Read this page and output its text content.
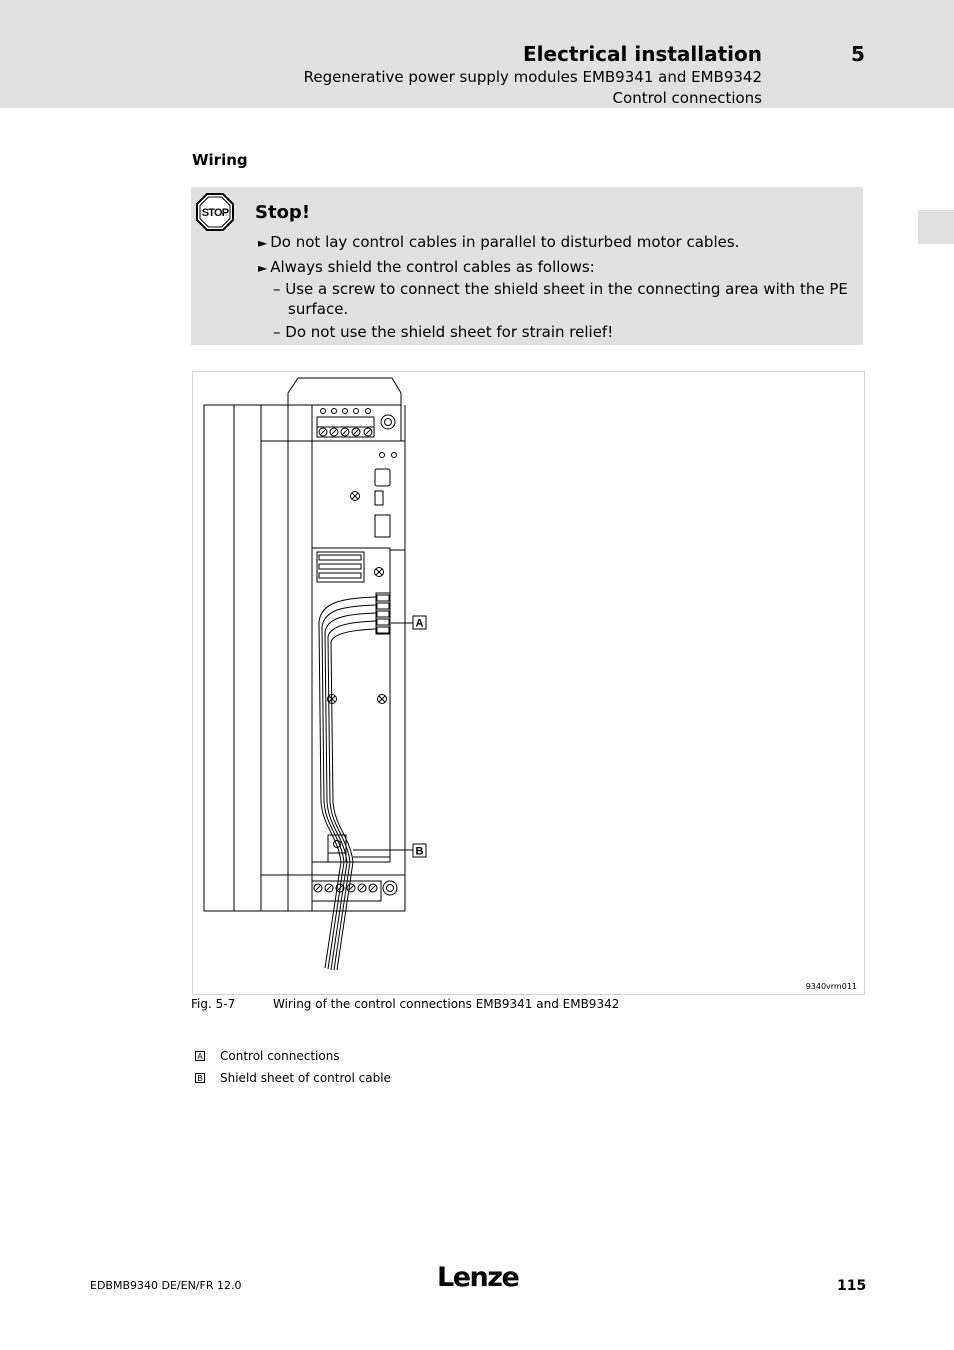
Electrical installation	5
Regenerative power supply modules EMB9341 and EMB9342
Control connections
Wiring
STOP Stop!
► Do not lay control cables in parallel to disturbed motor cables.
► Always shield the control cables as follows:
– Use a screw to connect the shield sheet in the connecting area with the PE
surface.
– Do not use the shield sheet for strain relief!
A
B
9340vrm011
Fig. 5-7	Wiring of the control connections EMB9341 and EMB9342
A Control connections
B Shield sheet of control cable
EDBMB9340 DE/EN/FR 12.0	Lenze	115
